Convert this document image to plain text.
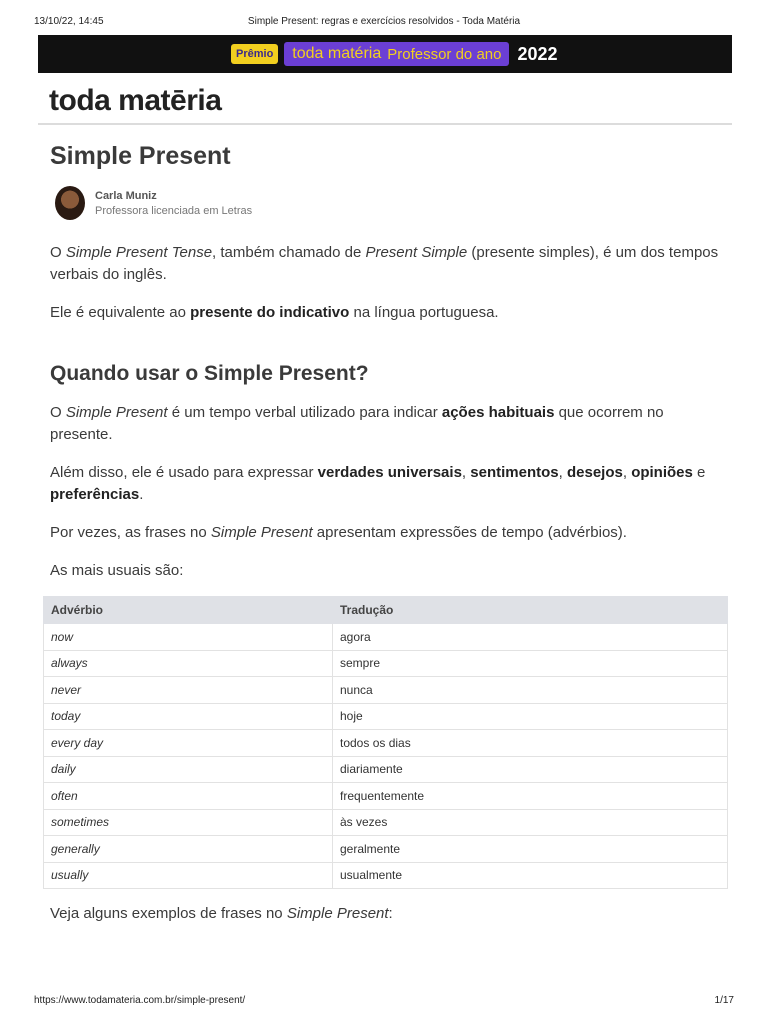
13/10/22, 14:45	Simple Present: regras e exercícios resolvidos - Toda Matéria
Prêmio	toda matéria Professor do ano 2022
toda matēria
Simple Present
Carla Muniz
Professora licenciada em Letras

O Simple Present Tense, também chamado de Present Simple (presente simples), é um dos tempos verbais do inglês.

Ele é equivalente ao presente do indicativo na língua portuguesa.

Quando usar o Simple Present?

O Simple Present é um tempo verbal utilizado para indicar ações habituais que ocorrem no presente.

Além disso, ele é usado para expressar verdades universais, sentimentos, desejos, opiniões e preferências.

Por vezes, as frases no Simple Present apresentam expressões de tempo (advérbios).

As mais usuais são:

Advérbio	Tradução
now	agora
always	sempre
never	nunca
today	hoje
every day	todos os dias
daily	diariamente
often	frequentemente
sometimes	às vezes
generally	geralmente
usually	usualmente

Veja alguns exemplos de frases no Simple Present:

https://www.todamateria.com.br/simple-present/	1/17
